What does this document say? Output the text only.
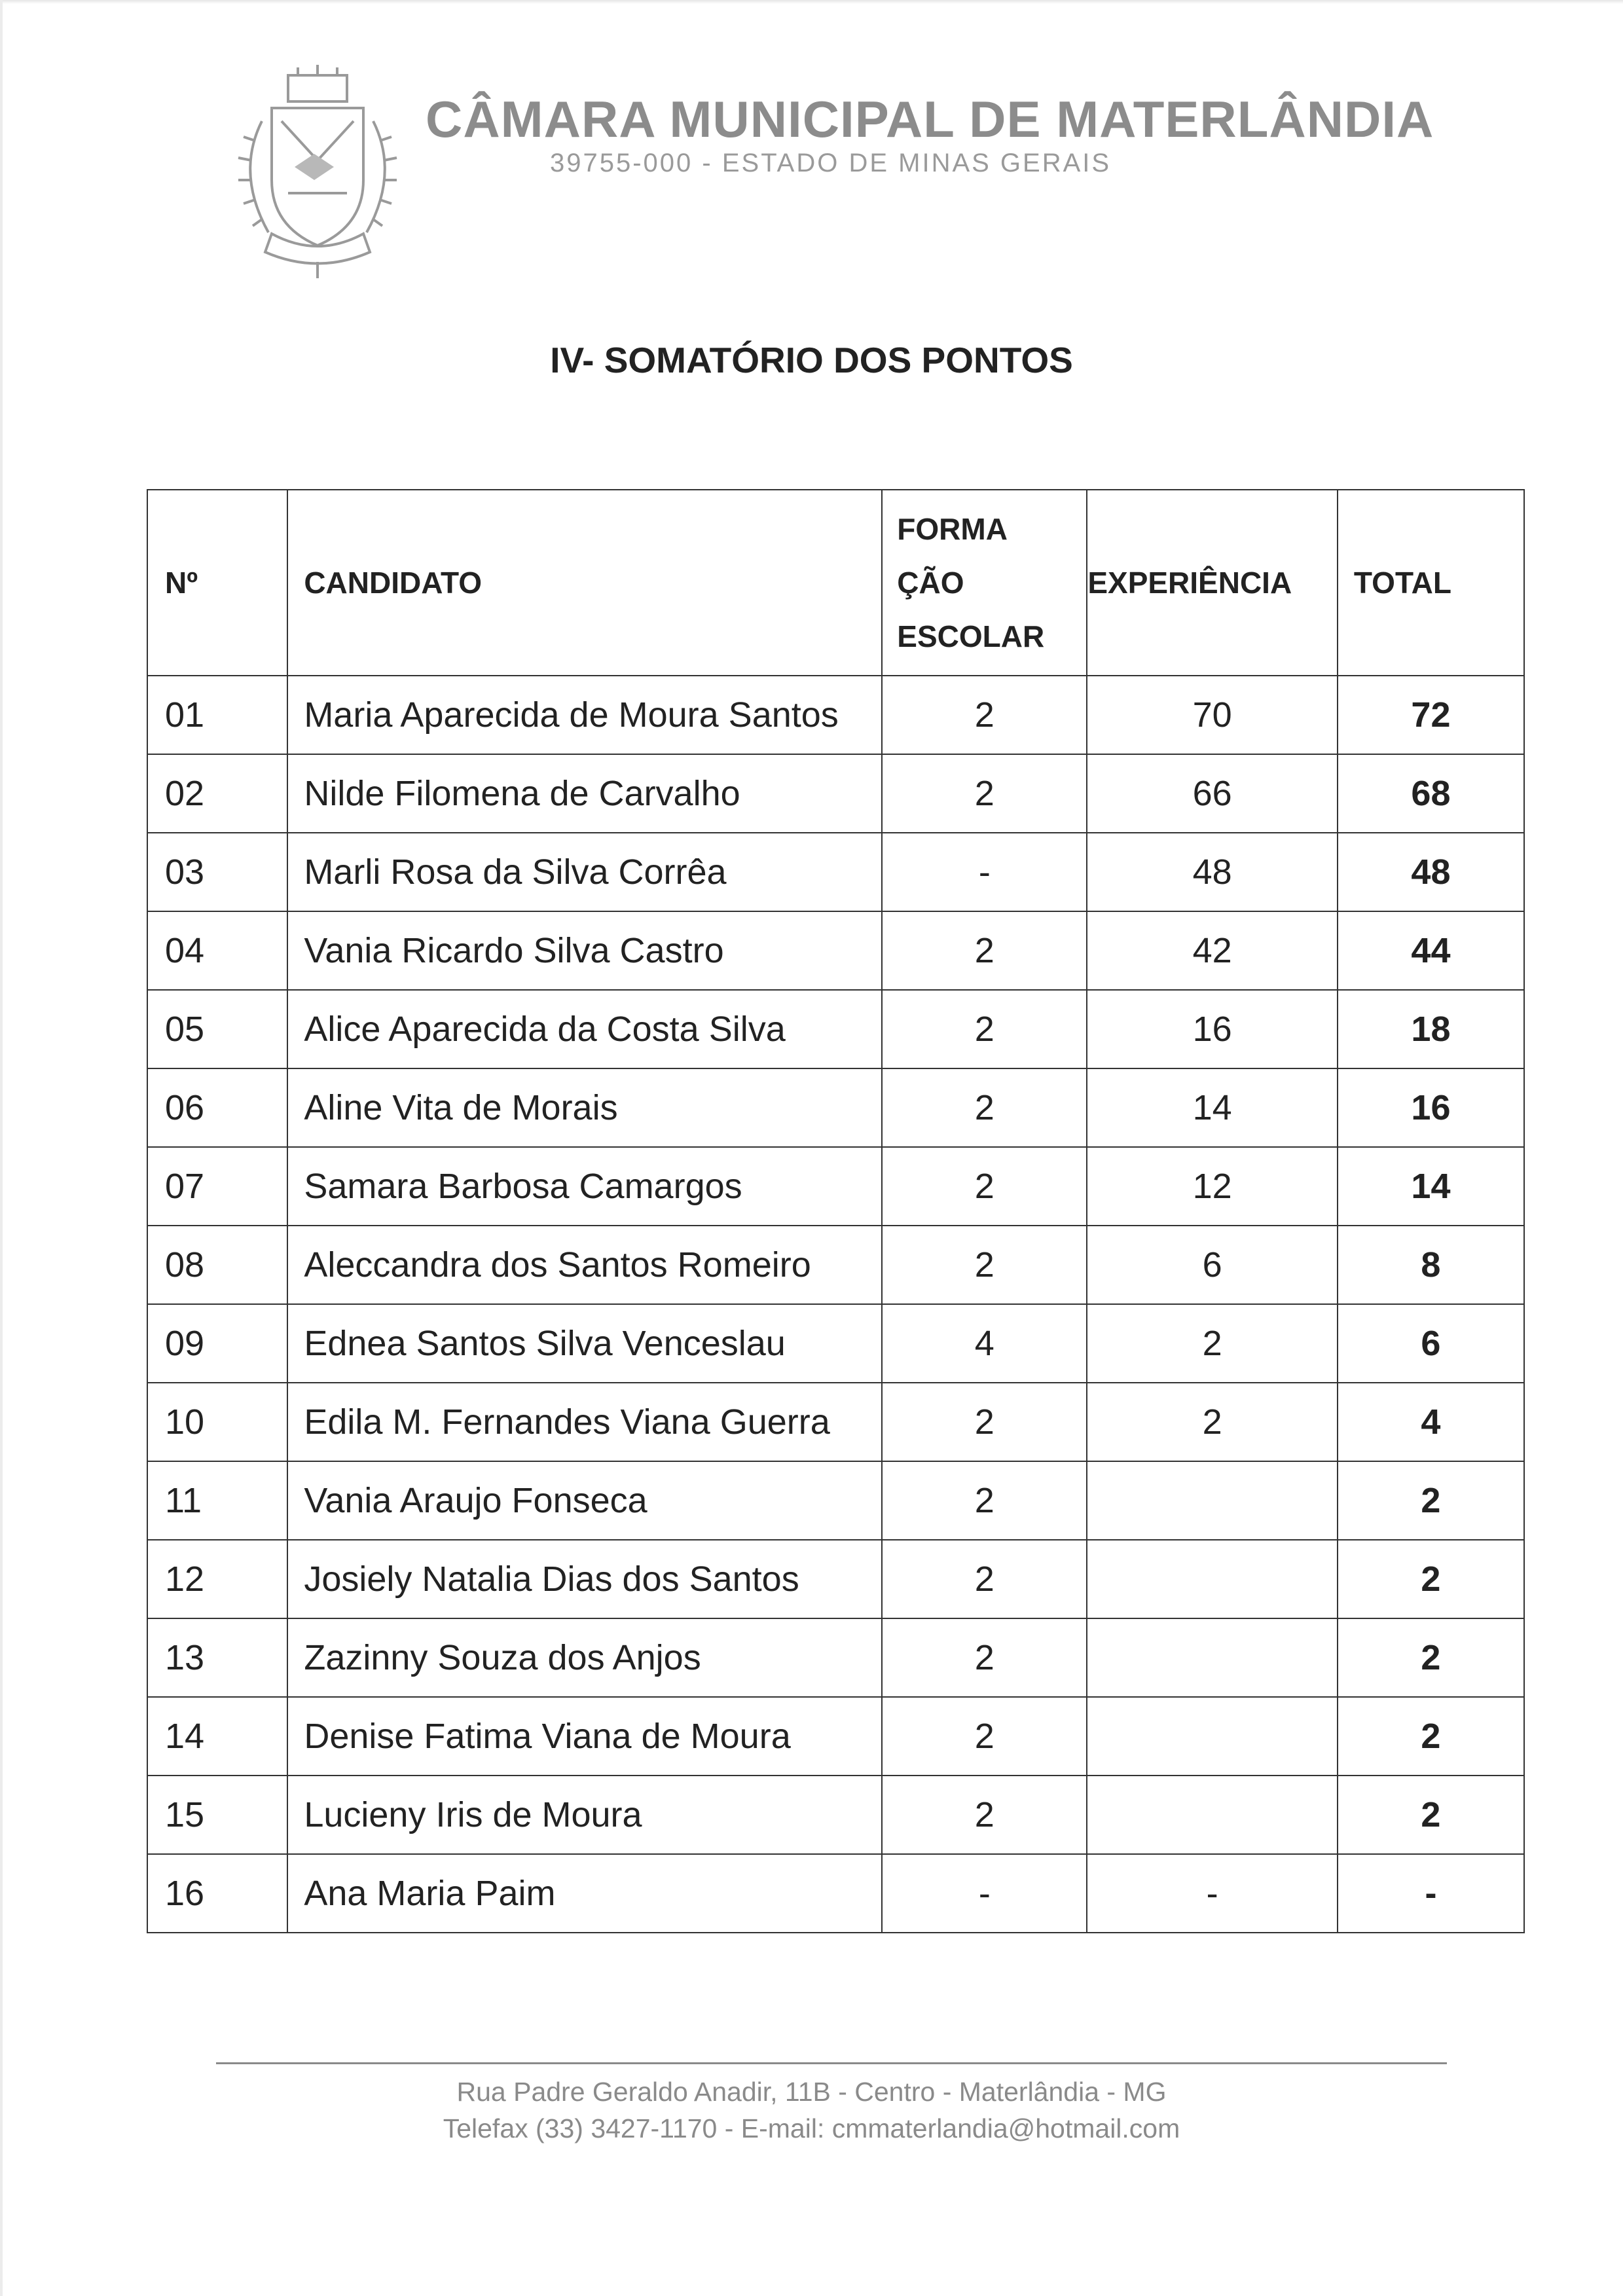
CÂMARA MUNICIPAL DE MATERLÂNDIA
39755-000 - ESTADO DE MINAS GERAIS
IV- SOMATÓRIO DOS PONTOS
Nº	CANDIDATO	FORMA
ÇÃO
ESCOLAR	EXPERIÊNCIA	TOTAL
01	Maria Aparecida de Moura Santos	2	70	72
02	Nilde Filomena de Carvalho	2	66	68
03	Marli Rosa da Silva Corrêa	-	48	48
04	Vania Ricardo Silva Castro	2	42	44
05	Alice Aparecida da Costa Silva	2	16	18
06	Aline Vita de Morais	2	14	16
07	Samara Barbosa Camargos	2	12	14
08	Aleccandra dos Santos Romeiro	2	6	8
09	Ednea Santos Silva Venceslau	4	2	6
10	Edila M. Fernandes Viana Guerra	2	2	4
11	Vania Araujo Fonseca	2		2
12	Josiely Natalia Dias dos Santos	2		2
13	Zazinny Souza dos Anjos	2		2
14	Denise Fatima Viana de Moura	2		2
15	Lucieny Iris de Moura	2		2
16	Ana Maria Paim	-	-	-
Rua Padre Geraldo Anadir, 11B - Centro - Materlândia - MG
Telefax (33) 3427-1170 - E-mail: cmmaterlandia@hotmail.com
